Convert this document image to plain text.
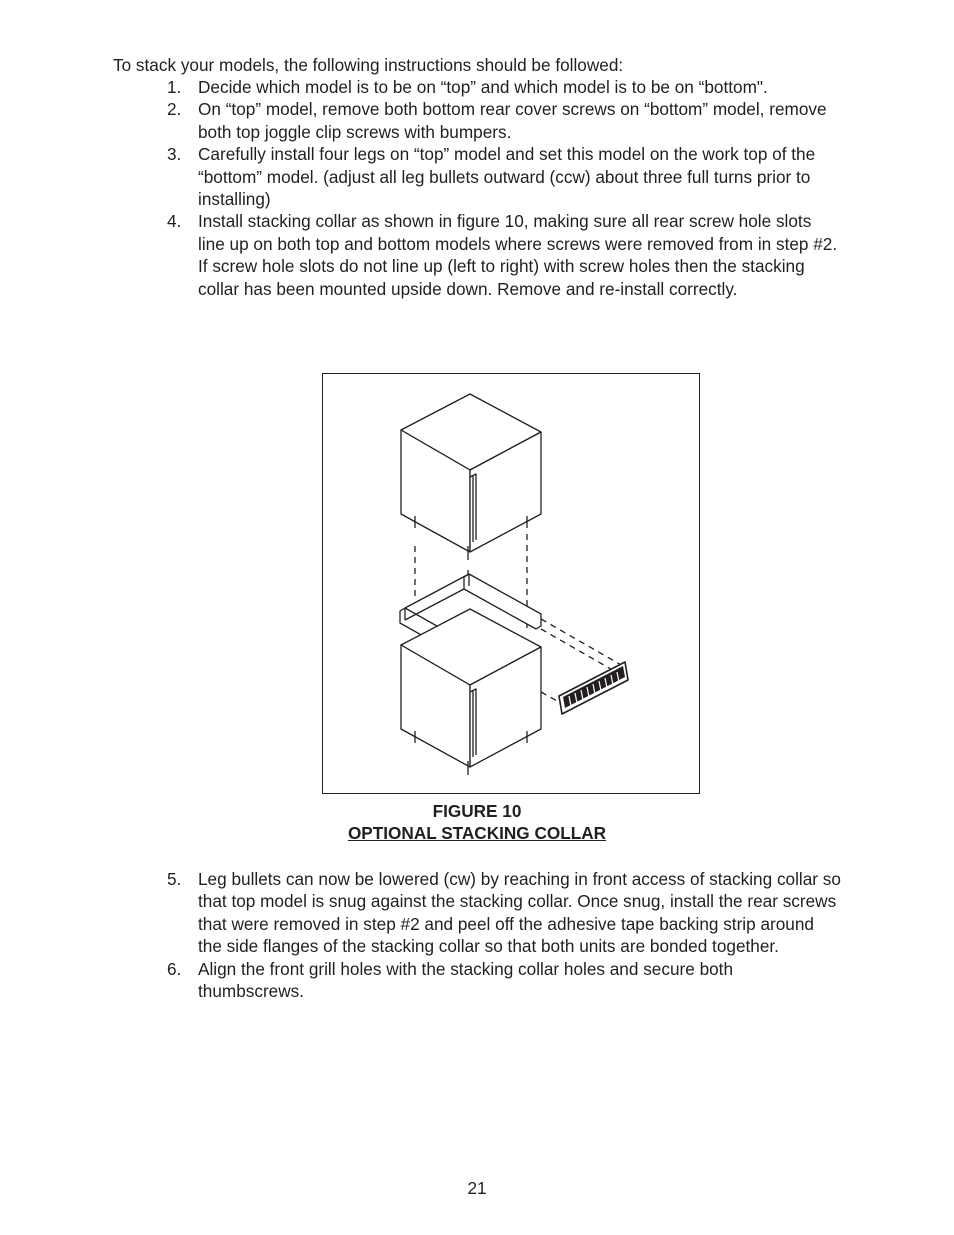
To stack your models, the following instructions should be followed:
1. Decide which model is to be on “top” and which model is to be on “bottom".
2. On “top” model, remove both bottom rear cover screws on “bottom” model, remove both top joggle clip screws with bumpers.
3. Carefully install four legs on “top” model and set this model on the work top of the “bottom” model. (adjust all leg bullets outward (ccw) about three full turns prior to installing)
4. Install stacking collar as shown in figure 10, making sure all rear screw hole slots line up on both top and bottom models where screws were removed from in step #2. If screw hole slots do not line up (left to right) with screw holes then the stacking collar has been mounted upside down. Remove and re-install correctly.
FIGURE 10
OPTIONAL STACKING COLLAR
5. Leg bullets can now be lowered (cw) by reaching in front access of stacking collar so that top model is snug against the stacking collar. Once snug, install the rear screws that were removed in step #2 and peel off the adhesive tape backing strip around the side flanges of the stacking collar so that both units are bonded together.
6. Align the front grill holes with the stacking collar holes and secure both thumbscrews.
21
